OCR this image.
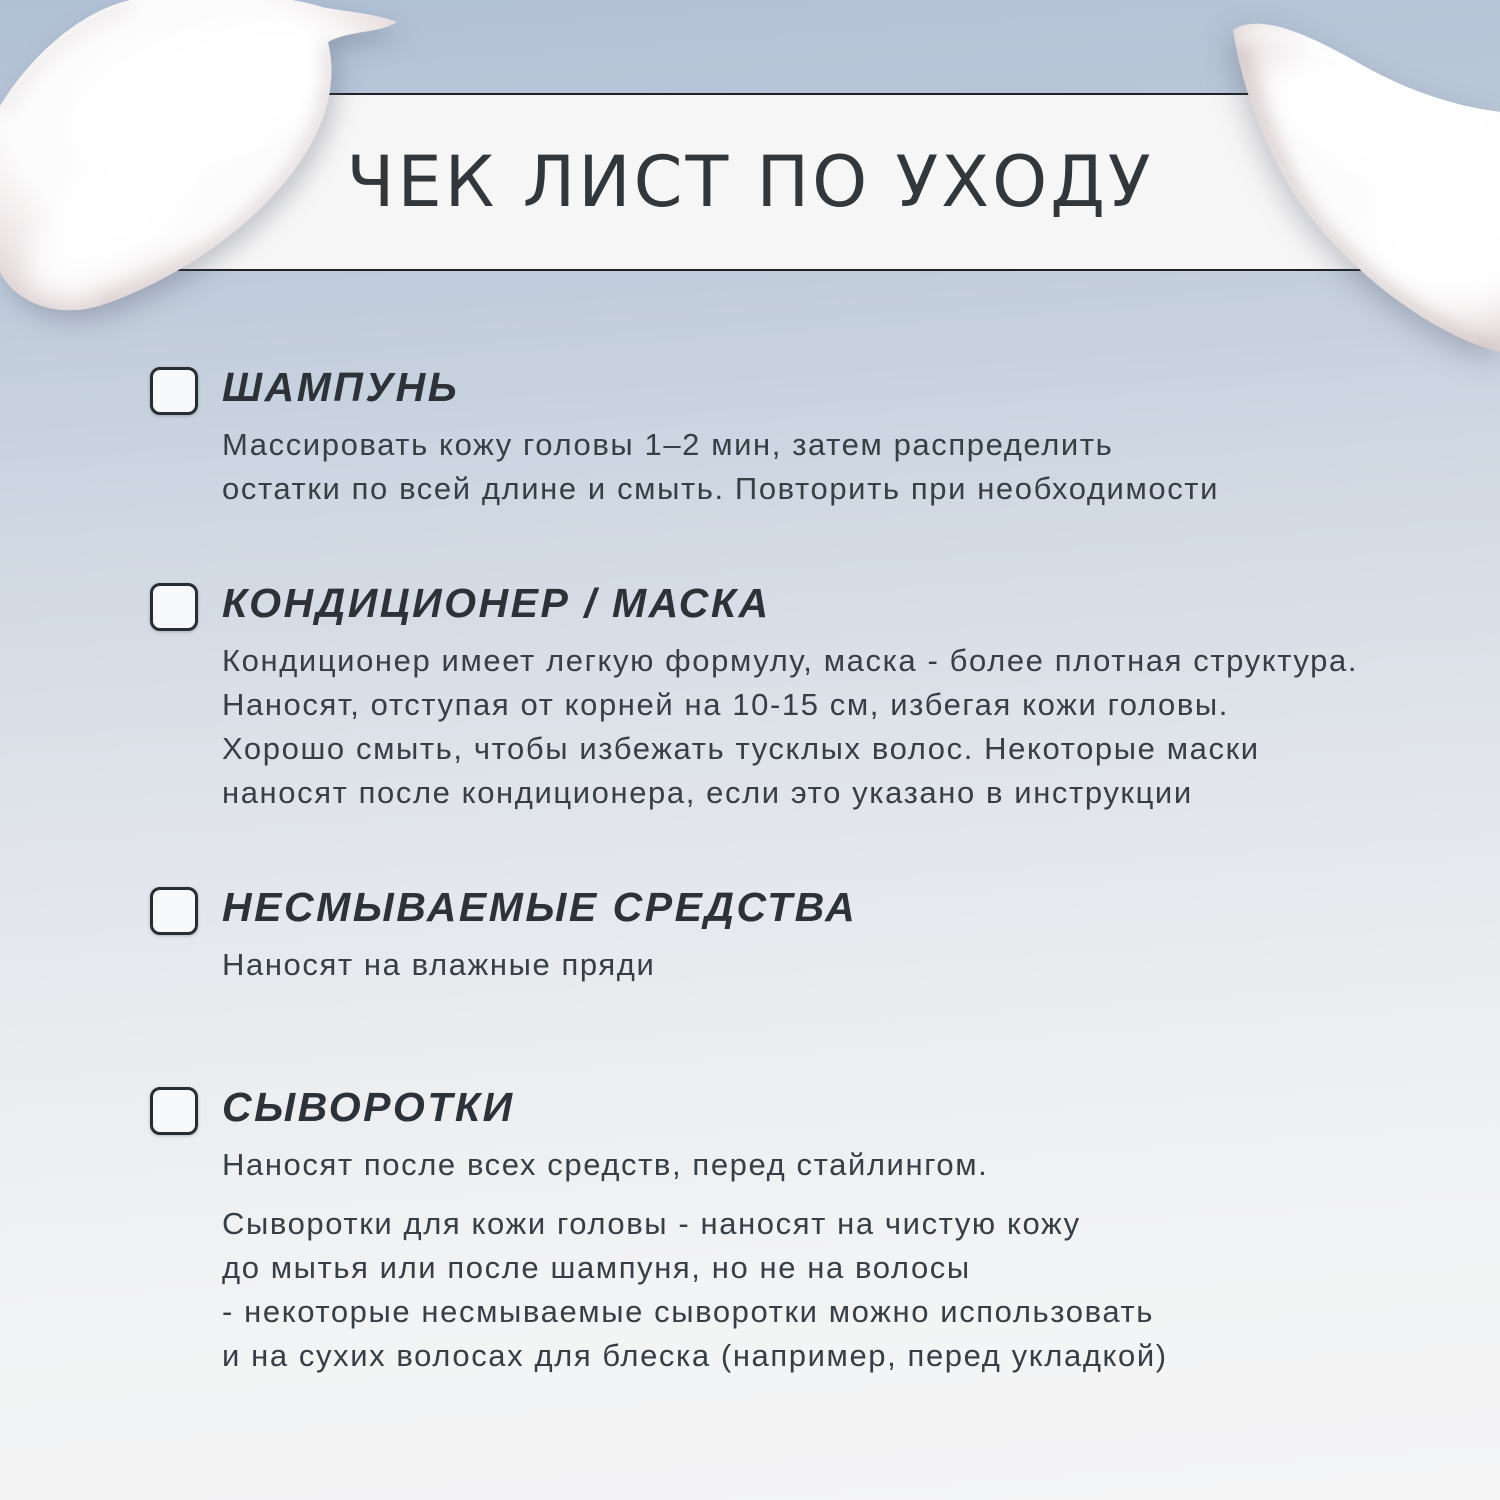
ЧЕК ЛИСТ ПО УХОДУ
ШАМПУНЬ

Массировать кожу головы 1–2 мин, затем распределить

остатки по всей длине и смыть. Повторить при необходимости

КОНДИЦИОНЕР / МАСКА

Кондиционер имеет легкую формулу, маска - более плотная структура.

Наносят, отступая от корней на 10-15 см, избегая кожи головы.

Хорошо смыть, чтобы избежать тусклых волос. Некоторые маски

наносят после кондиционера, если это указано в инструкции

НЕСМЫВАЕМЫЕ СРЕДСТВА

Наносят на влажные пряди

СЫВОРОТКИ

Наносят после всех средств, перед стайлингом.

Сыворотки для кожи головы - наносят на чистую кожу

до мытья или после шампуня, но не на волосы

- некоторые несмываемые сыворотки можно использовать

и на сухих волосах для блеска (например, перед укладкой)
